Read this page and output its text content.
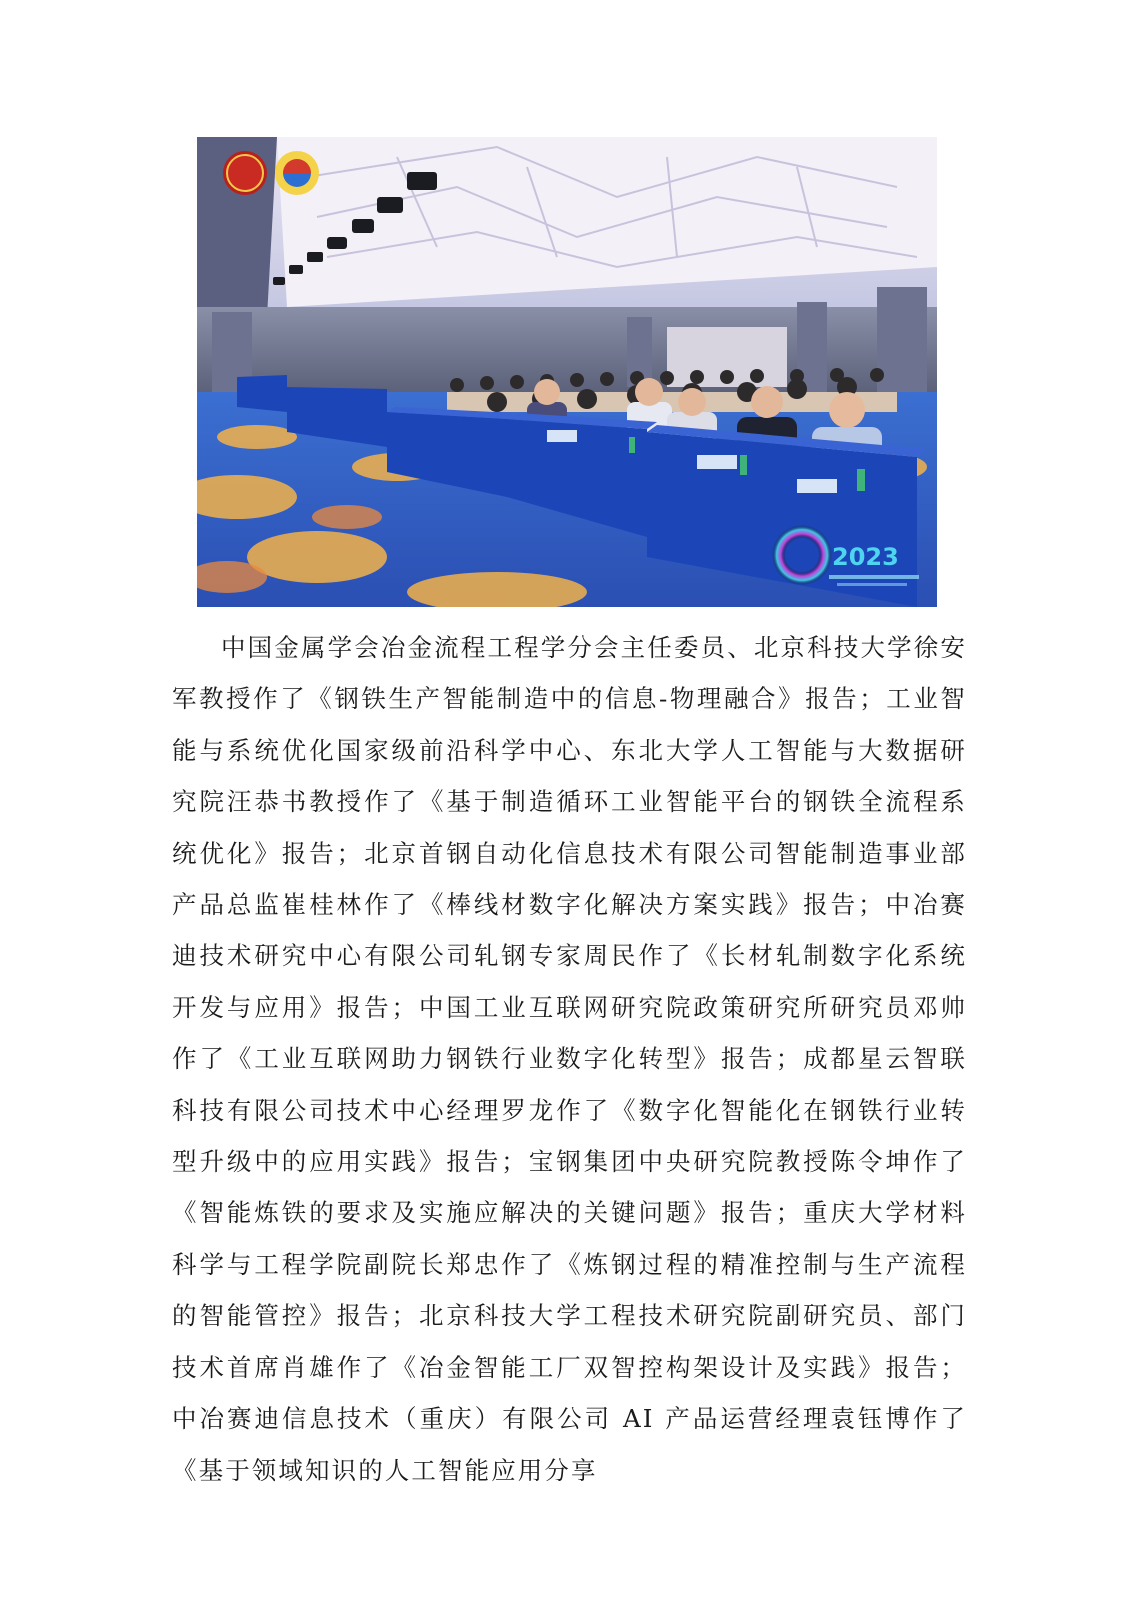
2023

中国金属学会冶金流程工程学分会主任委员、北京科技大学徐安军教授作了《钢铁生产智能制造中的信息-物理融合》报告；工业智能与系统优化国家级前沿科学中心、东北大学人工智能与大数据研究院汪恭书教授作了《基于制造循环工业智能平台的钢铁全流程系统优化》报告；北京首钢自动化信息技术有限公司智能制造事业部产品总监崔桂林作了《棒线材数字化解决方案实践》报告；中冶赛迪技术研究中心有限公司轧钢专家周民作了《长材轧制数字化系统开发与应用》报告；中国工业互联网研究院政策研究所研究员邓帅作了《工业互联网助力钢铁行业数字化转型》报告；成都星云智联科技有限公司技术中心经理罗龙作了《数字化智能化在钢铁行业转型升级中的应用实践》报告；宝钢集团中央研究院教授陈令坤作了《智能炼铁的要求及实施应解决的关键问题》报告；重庆大学材料科学与工程学院副院长郑忠作了《炼钢过程的精准控制与生产流程的智能管控》报告；北京科技大学工程技术研究院副研究员、部门技术首席肖雄作了《冶金智能工厂双智控构架设计及实践》报告；中冶赛迪信息技术（重庆）有限公司 AI 产品运营经理袁钰博作了《基于领域知识的人工智能应用分享
